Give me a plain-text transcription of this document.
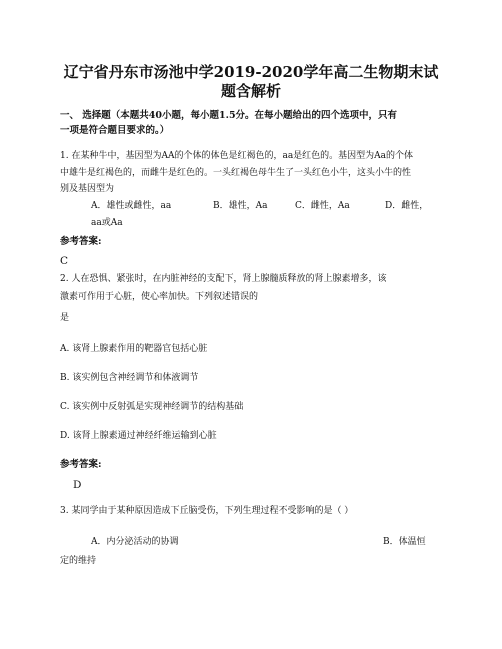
辽宁省丹东市汤池中学2019-2020学年高二生物期末试
题含解析
一、 选择题（本题共40小题，每小题1.5分。在每小题给出的四个选项中，只有
一项是符合题目要求的。）
1. 在某种牛中，基因型为AA的个体的体色是红褐色的，aa是红色的。基因型为Aa的个体
中雄牛是红褐色的，而雌牛是红色的。一头红褐色母牛生了一头红色小牛，这头小牛的性
别及基因型为
A．雄性或雌性，aa	B．雄性，Aa	C．雌性，Aa	D．雌性，
aa或Aa
参考答案:
C
2. 人在恐惧、紧张时，在内脏神经的支配下，肾上腺髓质释放的肾上腺素增多，该
激素可作用于心脏，使心率加快。下列叙述错误的
是
A. 该肾上腺素作用的靶器官包括心脏
B. 该实例包含神经调节和体液调节
C. 该实例中反射弧是实现神经调节的结构基础
D. 该肾上腺素通过神经纤维运输到心脏
参考答案:
D
3. 某同学由于某种原因造成下丘脑受伤，下列生理过程不受影响的是（ ）
A．内分泌活动的协调	B．体温恒
定的维持
